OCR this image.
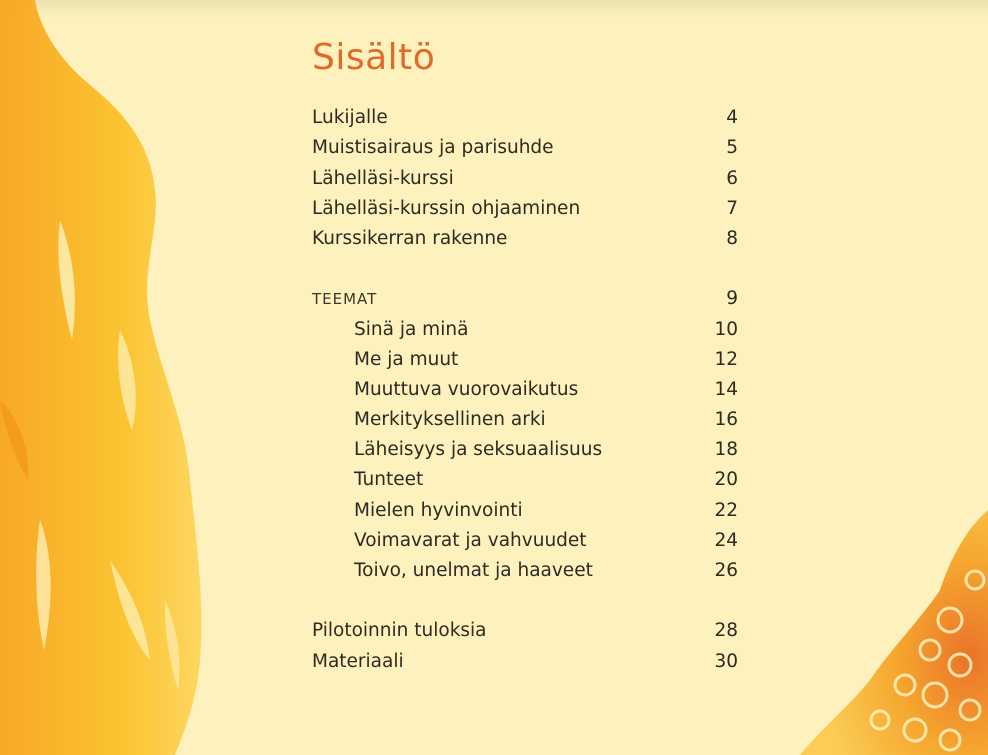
Sisältö
Lukijalle	4
Muistisairaus ja parisuhde	5
Lähelläsi-kurssi	6
Lähelläsi-kurssin ohjaaminen	7
Kurssikerran rakenne	8
TEEMAT	9
Sinä ja minä	10
Me ja muut	12
Muuttuva vuorovaikutus	14
Merkityksellinen arki	16
Läheisyys ja seksuaalisuus	18
Tunteet	20
Mielen hyvinvointi	22
Voimavarat ja vahvuudet	24
Toivo, unelmat ja haaveet	26
Pilotoinnin tuloksia	28
Materiaali	30
